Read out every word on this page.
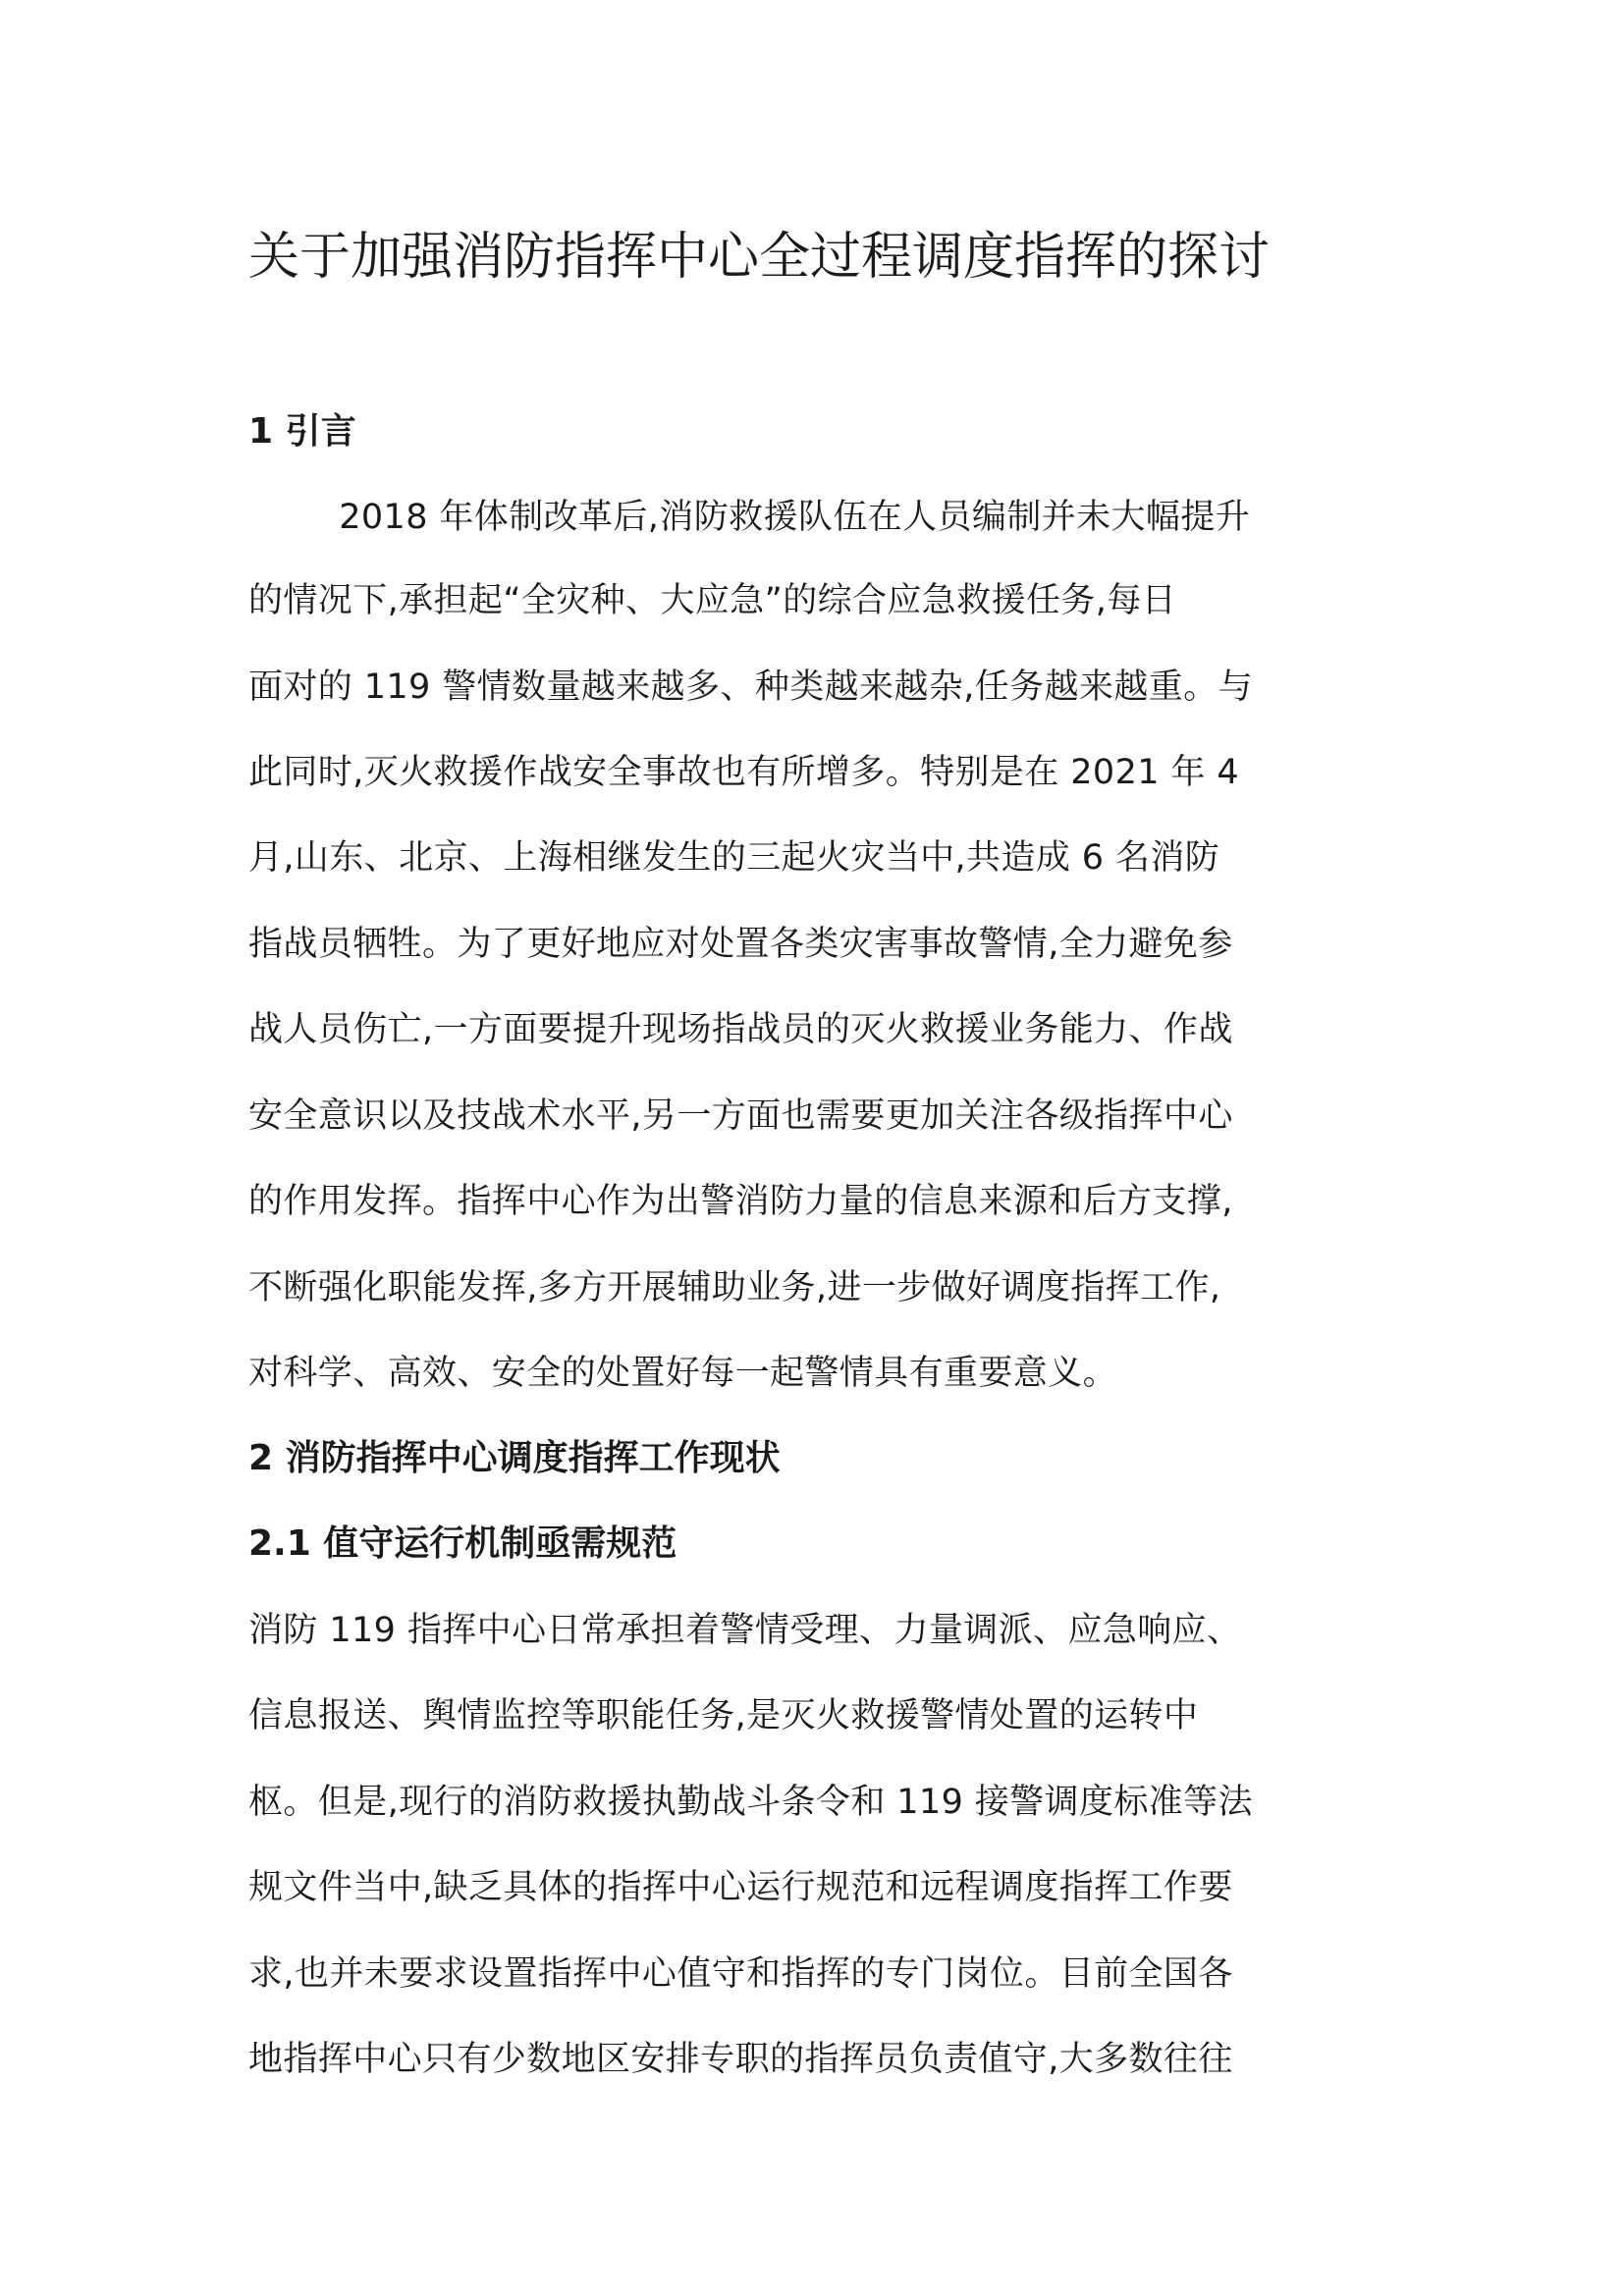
关于加强消防指挥中心全过程调度指挥的探讨
1 引言
2018 年体制改革后,消防救援队伍在人员编制并未大幅提升
的情况下,承担起“全灾种、大应急”的综合应急救援任务,每日
面对的 119 警情数量越来越多、种类越来越杂,任务越来越重。与
此同时,灭火救援作战安全事故也有所增多。特别是在 2021 年 4
月,山东、北京、上海相继发生的三起火灾当中,共造成 6 名消防
指战员牺牲。为了更好地应对处置各类灾害事故警情,全力避免参
战人员伤亡,一方面要提升现场指战员的灭火救援业务能力、作战
安全意识以及技战术水平,另一方面也需要更加关注各级指挥中心
的作用发挥。指挥中心作为出警消防力量的信息来源和后方支撑,
不断强化职能发挥,多方开展辅助业务,进一步做好调度指挥工作,
对科学、高效、安全的处置好每一起警情具有重要意义。
2 消防指挥中心调度指挥工作现状
2.1 值守运行机制亟需规范
消防 119 指挥中心日常承担着警情受理、力量调派、应急响应、
信息报送、舆情监控等职能任务,是灭火救援警情处置的运转中
枢。但是,现行的消防救援执勤战斗条令和 119 接警调度标准等法
规文件当中,缺乏具体的指挥中心运行规范和远程调度指挥工作要
求,也并未要求设置指挥中心值守和指挥的专门岗位。目前全国各
地指挥中心只有少数地区安排专职的指挥员负责值守,大多数往往
